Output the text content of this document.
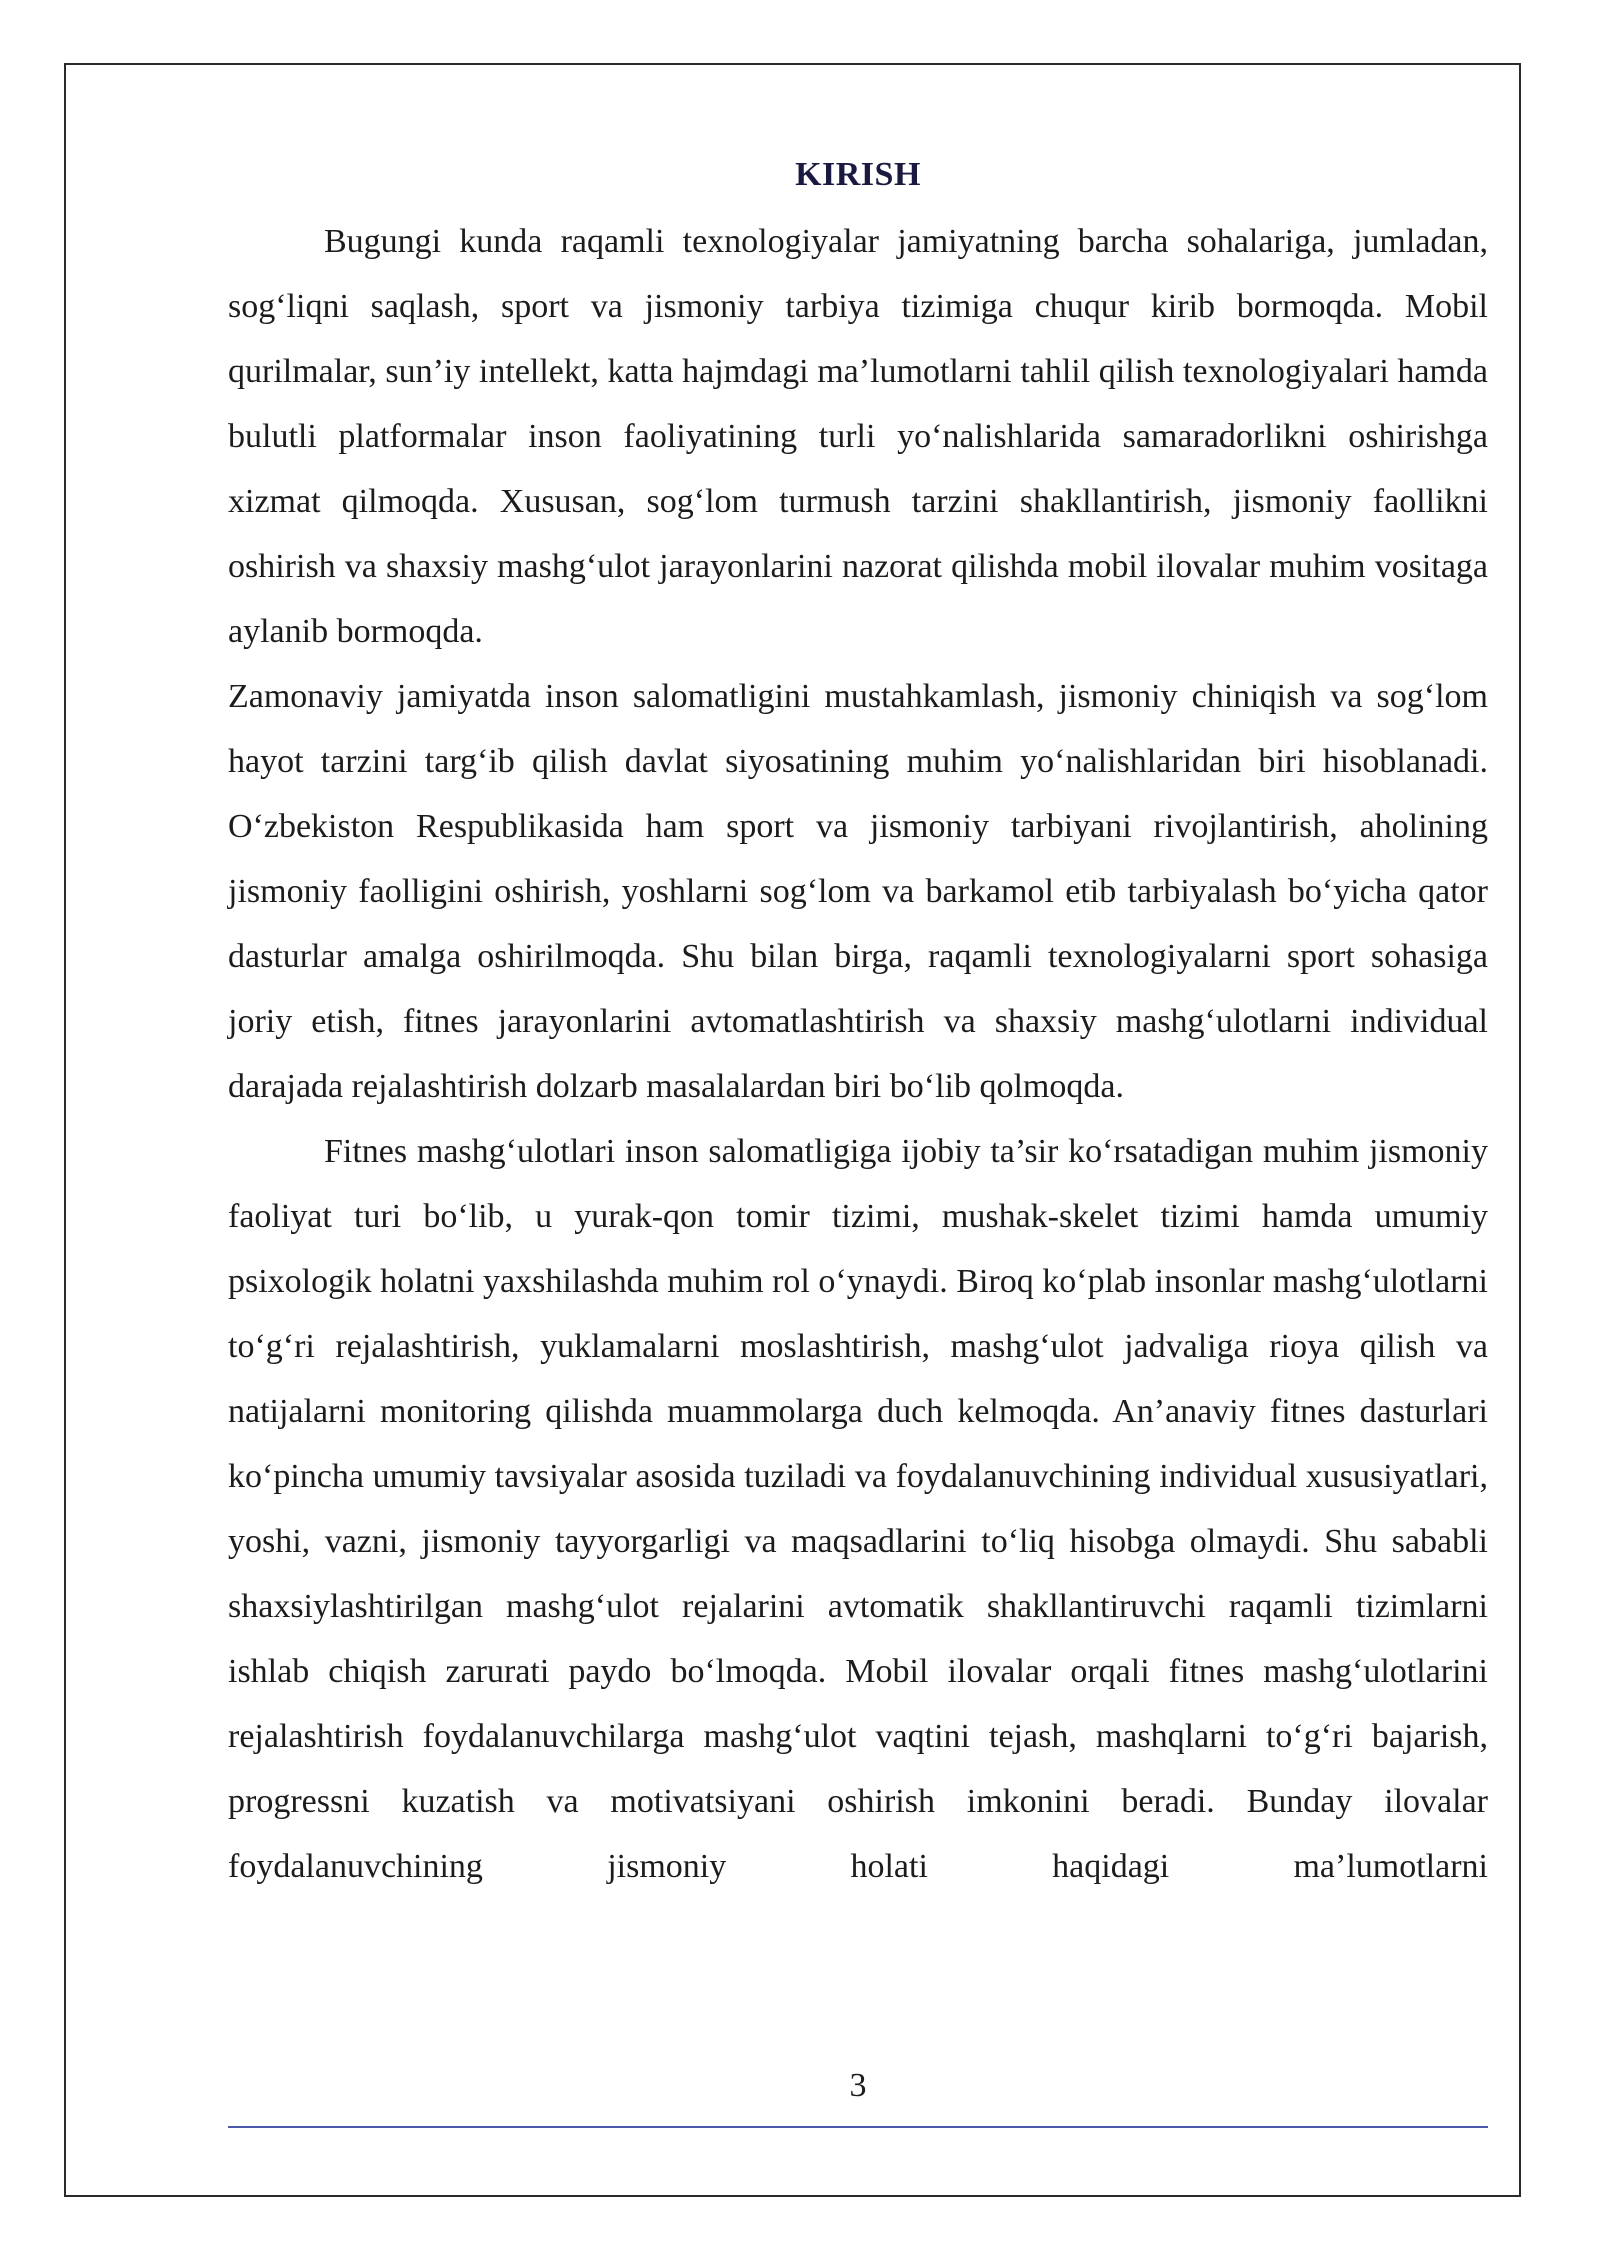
KIRISH

Bugungi kunda raqamli texnologiyalar jamiyatning barcha sohalariga, jumladan, sog‘liqni saqlash, sport va jismoniy tarbiya tizimiga chuqur kirib bormoqda. Mobil qurilmalar, sun’iy intellekt, katta hajmdagi ma’lumotlarni tahlil qilish texnologiyalari hamda bulutli platformalar inson faoliyatining turli yo‘nalishlarida samaradorlikni oshirishga xizmat qilmoqda. Xususan, sog‘lom turmush tarzini shakllantirish, jismoniy faollikni oshirish va shaxsiy mashg‘ulot jarayonlarini nazorat qilishda mobil ilovalar muhim vositaga aylanib bormoqda.

Zamonaviy jamiyatda inson salomatligini mustahkamlash, jismoniy chiniqish va sog‘lom hayot tarzini targ‘ib qilish davlat siyosatining muhim yo‘nalishlaridan biri hisoblanadi. O‘zbekiston Respublikasida ham sport va jismoniy tarbiyani rivojlantirish, aholining jismoniy faolligini oshirish, yoshlarni sog‘lom va barkamol etib tarbiyalash bo‘yicha qator dasturlar amalga oshirilmoqda. Shu bilan birga, raqamli texnologiyalarni sport sohasiga joriy etish, fitnes jarayonlarini avtomatlashtirish va shaxsiy mashg‘ulotlarni individual darajada rejalashtirish dolzarb masalalardan biri bo‘lib qolmoqda.

Fitnes mashg‘ulotlari inson salomatligiga ijobiy ta’sir ko‘rsatadigan muhim jismoniy faoliyat turi bo‘lib, u yurak-qon tomir tizimi, mushak-skelet tizimi hamda umumiy psixologik holatni yaxshilashda muhim rol o‘ynaydi. Biroq ko‘plab insonlar mashg‘ulotlarni to‘g‘ri rejalashtirish, yuklamalarni moslashtirish, mashg‘ulot jadvaliga rioya qilish va natijalarni monitoring qilishda muammolarga duch kelmoqda. An’anaviy fitnes dasturlari ko‘pincha umumiy tavsiyalar asosida tuziladi va foydalanuvchining individual xususiyatlari, yoshi, vazni, jismoniy tayyorgarligi va maqsadlarini to‘liq hisobga olmaydi. Shu sababli shaxsiylashtirilgan mashg‘ulot rejalarini avtomatik shakllantiruvchi raqamli tizimlarni ishlab chiqish zarurati paydo bo‘lmoqda. Mobil ilovalar orqali fitnes mashg‘ulotlarini rejalashtirish foydalanuvchilarga mashg‘ulot vaqtini tejash, mashqlarni to‘g‘ri bajarish, progressni kuzatish va motivatsiyani oshirish imkonini beradi. Bunday ilovalar foydalanuvchining jismoniy holati haqidagi ma’lumotlarni

3
